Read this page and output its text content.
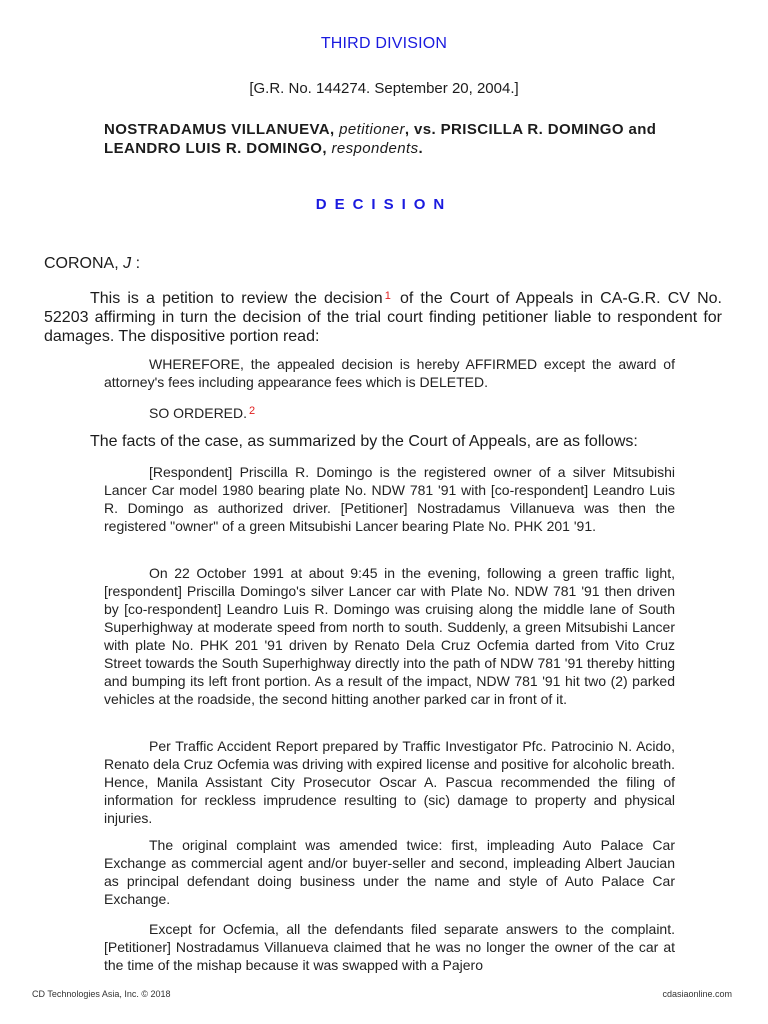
THIRD DIVISION
[G.R. No. 144274. September 20, 2004.]
NOSTRADAMUS VILLANUEVA, petitioner, vs. PRISCILLA R. DOMINGO and LEANDRO LUIS R. DOMINGO, respondents.
DECISION
CORONA, J :
This is a petition to review the decision $^1$ of the Court of Appeals in CA-G.R. CV No. 52203 affirming in turn the decision of the trial court finding petitioner liable to respondent for damages. The dispositive portion read:
WHEREFORE, the appealed decision is hereby AFFIRMED except the award of attorney's fees including appearance fees which is DELETED.
SO ORDERED. $^2$
The facts of the case, as summarized by the Court of Appeals, are as follows:
[Respondent] Priscilla R. Domingo is the registered owner of a silver Mitsubishi Lancer Car model 1980 bearing plate No. NDW 781 '91 with [co-respondent] Leandro Luis R. Domingo as authorized driver. [Petitioner] Nostradamus Villanueva was then the registered "owner" of a green Mitsubishi Lancer bearing Plate No. PHK 201 '91.
On 22 October 1991 at about 9:45 in the evening, following a green traffic light, [respondent] Priscilla Domingo's silver Lancer car with Plate No. NDW 781 '91 then driven by [co-respondent] Leandro Luis R. Domingo was cruising along the middle lane of South Superhighway at moderate speed from north to south. Suddenly, a green Mitsubishi Lancer with plate No. PHK 201 '91 driven by Renato Dela Cruz Ocfemia darted from Vito Cruz Street towards the South Superhighway directly into the path of NDW 781 '91 thereby hitting and bumping its left front portion. As a result of the impact, NDW 781 '91 hit two (2) parked vehicles at the roadside, the second hitting another parked car in front of it.
Per Traffic Accident Report prepared by Traffic Investigator Pfc. Patrocinio N. Acido, Renato dela Cruz Ocfemia was driving with expired license and positive for alcoholic breath. Hence, Manila Assistant City Prosecutor Oscar A. Pascua recommended the filing of information for reckless imprudence resulting to (sic) damage to property and physical injuries.
The original complaint was amended twice: first, impleading Auto Palace Car Exchange as commercial agent and/or buyer-seller and second, impleading Albert Jaucian as principal defendant doing business under the name and style of Auto Palace Car Exchange.
Except for Ocfemia, all the defendants filed separate answers to the complaint. [Petitioner] Nostradamus Villanueva claimed that he was no longer the owner of the car at the time of the mishap because it was swapped with a Pajero
CD Technologies Asia, Inc. © 2018	cdasiaonline.com
